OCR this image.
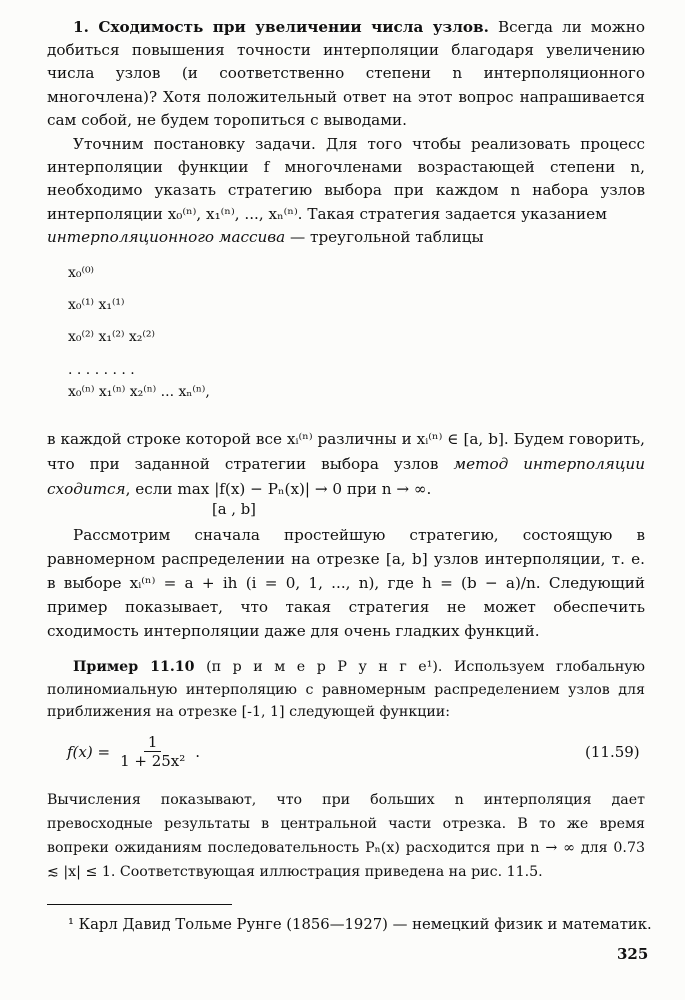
1. Сходимость при увеличении числа узлов. Всегда ли можно добиться повышения точности интерполяции благодаря увеличению числа узлов (и соответственно степени n интерполяционного многочлена)? Хотя положительный ответ на этот вопрос напрашивается сам собой, не будем торопиться с выводами.
Уточним постановку задачи. Для того чтобы реализовать процесс интерполяции функции f многочленами возрастающей степени n, необходимо указать стратегию выбора при каждом n набора узлов интерполяции x₀⁽ⁿ⁾, x₁⁽ⁿ⁾, ..., xₙ⁽ⁿ⁾. Такая стратегия задается указанием
интерполяционного массива — треугольной таблицы
x₀⁽⁰⁾
x₀⁽¹⁾ x₁⁽¹⁾
x₀⁽²⁾ x₁⁽²⁾ x₂⁽²⁾
. . . . . . . .
x₀⁽ⁿ⁾ x₁⁽ⁿ⁾ x₂⁽ⁿ⁾ ... xₙ⁽ⁿ⁾,
в каждой строке которой все xᵢ⁽ⁿ⁾ различны и xᵢ⁽ⁿ⁾ ∈ [a, b]. Будем говорить, что при заданной стратегии выбора узлов метод интерполяции сходится, если max |f(x) − Pₙ(x)| → 0 при n → ∞.
[a , b]
Рассмотрим сначала простейшую стратегию, состоящую в равномерном распределении на отрезке [a, b] узлов интерполяции, т. е. в выборе xᵢ⁽ⁿ⁾ = a + ih (i = 0, 1, ..., n), где h = (b − a)/n. Следующий пример показывает, что такая стратегия не может обеспечить сходимость интерполяции даже для очень гладких функций.
Пример 11.10 (п р и м е р Р у н г е¹). Используем глобальную полиномиальную интерполяцию с равномерным распределением узлов для приближения на отрезке [-1, 1] следующей функции:
$f(x) = \frac{1}{\text{1 + 25x²}}$ .	(11.59)
Вычисления показывают, что при больших n интерполяция дает превосходные результаты в центральной части отрезка. В то же время вопреки ожиданиям последовательность Pₙ(x) расходится при n → ∞ для 0.73 ≲ |x| ≤ 1. Соответствующая иллюстрация приведена на рис. 11.5.
¹ Карл Давид Тольме Рунге (1856—1927) — немецкий физик и математик.
325
